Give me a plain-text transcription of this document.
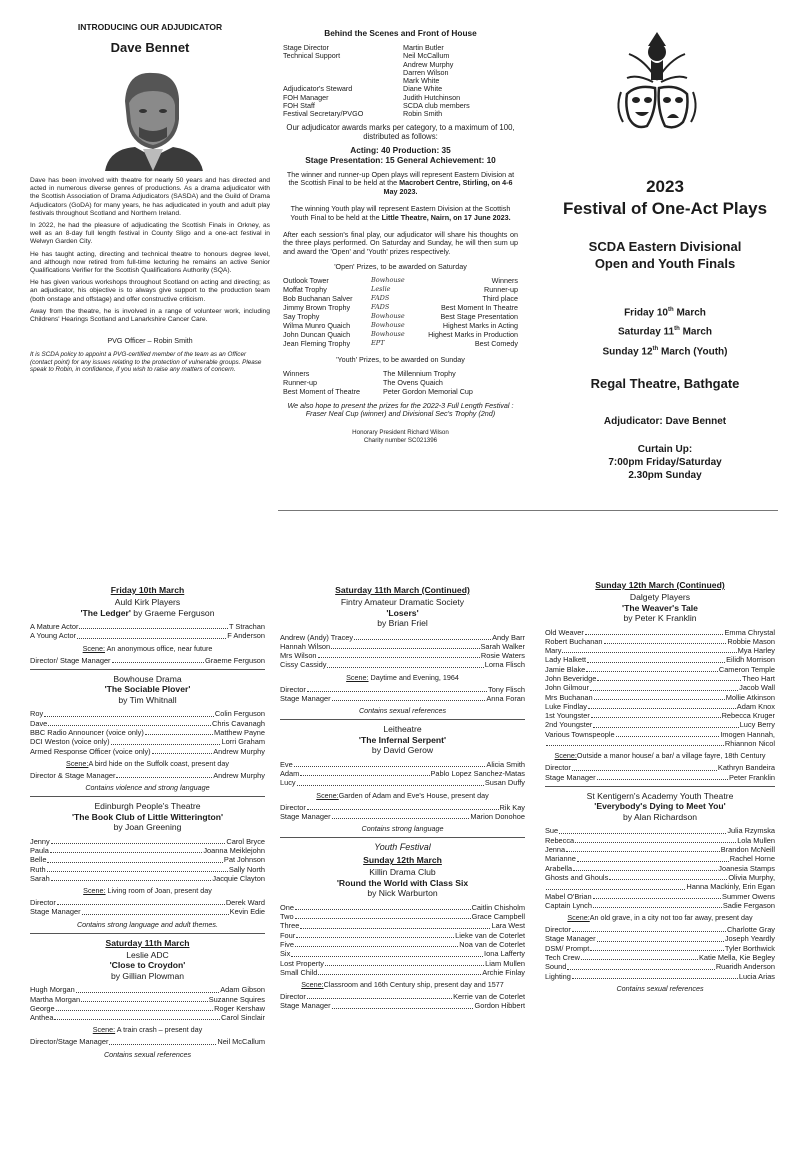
INTRODUCING OUR ADJUDICATOR
Dave Bennet

Dave has been involved with theatre for nearly 50 years and has directed and acted in numerous diverse genres of productions. As a drama adjudicator with the Scottish Association of Drama Adjudicators (SASDA) and the Guild of Drama Adjudicators (GoDA) for many years, he has adjudicated in youth and adult play festivals throughout Scotland and Northern Ireland.

In 2022, he had the pleasure of adjudicating the Scottish Finals in Orkney, as well as an 8-day full length festival in County Sligo and a one-act festival in Welwyn Garden City.

He has taught acting, directing and technical theatre to honours degree level, and although now retired from full-time lecturing he remains an active Senior Qualifications Verifier for the Scottish Qualifications Authority (SQA).

He has given various workshops throughout Scotland on acting and directing; as an adjudicator, his objective is to always give support to the production team (both onstage and offstage) and offer constructive criticism.

Away from the theatre, he is involved in a range of volunteer work, including Childrens' Hearings Scotland and Lanarkshire Cancer Care.

PVG Officer – Robin Smith
It is SCDA policy to appoint a PVG-certified member of the team as an Officer (contact point) for any issues relating to the protection of vulnerable groups. Please speak to Robin, in confidence, if you wish to raise any matters of concern.
Behind the Scenes and Front of House
Stage Director	Martin Butler
Technical Support	Neil McCallum
Andrew Murphy
Darren Wilson
Mark White
Adjudicator's Steward	Diane White
FOH Manager	Judith Hutchinson
FOH Staff	SCDA club members
Festival Secretary/PVGO	Robin Smith
Our adjudicator awards marks per category, to a maximum of 100, distributed as follows:
Acting: 40 Production: 35
Stage Presentation: 15 General Achievement: 10
The winner and runner-up Open plays will represent Eastern Division at the Scottish Final to be held at the Macrobert Centre, Stirling, on 4-6 May 2023.
The winning Youth play will represent Eastern Division at the Scottish Youth Final to be held at the Little Theatre, Nairn, on 17 June 2023.
After each session's final play, our adjudicator will share his thoughts on the three plays performed. On Saturday and Sunday, he will then sum up and award the 'Open' and 'Youth' prizes respectively.
'Open' Prizes, to be awarded on Saturday
Outlook Tower	Bowhouse	Winners
Moffat Trophy	Leslie	Runner-up
Bob Buchanan Salver	FADS	Third place
Jimmy Brown Trophy	FADS	Best Moment In Theatre
Say Trophy	Bowhouse	Best Stage Presentation
Wilma Munro Quaich	Bowhouse	Highest Marks in Acting
John Duncan Quaich	Bowhouse	Highest Marks in Production
Jean Fleming Trophy	EPT	Best Comedy
'Youth' Prizes, to be awarded on Sunday
Winners	The Millennium Trophy
Runner-up	The Ovens Quaich
Best Moment of Theatre	Peter Gordon Memorial Cup
We also hope to present the prizes for the 2022-3 Full Length Festival : Fraser Neal Cup (winner) and Divisional Sec's Trophy (2nd)
Honorary President Richard Wilson
Charity number SC021396
2023
Festival of One-Act Plays
SCDA Eastern Divisional
Open and Youth Finals
Friday 10th March
Saturday 11th March
Sunday 12th March (Youth)
Regal Theatre, Bathgate
Adjudicator: Dave Bennet
Curtain Up:
7:00pm Friday/Saturday
2.30pm Sunday
Friday 10th March
Auld Kirk Players
'The Ledger' by Graeme Ferguson
A Mature Actor	T Strachan
A Young Actor	F Anderson
Scene: An anonymous office, near future
Director/ Stage Manager	Graeme Ferguson
Bowhouse Drama
'The Sociable Plover'
by Tim Whitnall
Roy	Colin Ferguson
Dave	Chris Cavanagh
BBC Radio Announcer (voice only)	Matthew Payne
DCI Weston (voice only)	Lorri Graham
Armed Response Officer (voice only)	Andrew Murphy
Scene:A bird hide on the Suffolk coast, present day
Director & Stage Manager	Andrew Murphy
Contains violence and strong language
Edinburgh People's Theatre
'The Book Club of Little Witterington'
by Joan Greening
Jenny	Carol Bryce
Paula	Joanna Meiklejohn
Belle	Pat Johnson
Ruth	Sally North
Sarah	Jacquie Clayton
Scene: Living room of Joan, present day
Director	Derek Ward
Stage Manager	Kevin Edie
Contains strong language and adult themes.
Saturday 11th March
Leslie ADC
'Close to Croydon'
by Gillian Plowman
Hugh Morgan	Adam Gibson
Martha Morgan	Suzanne Squires
George	Roger Kershaw
Anthea	Carol Sinclair
Scene: A train crash – present day
Director/Stage Manager	Neil McCallum
Contains sexual references
Saturday 11th March (Continued)
Fintry Amateur Dramatic Society
'Losers'
by Brian Friel
Andrew (Andy) Tracey	Andy Barr
Hannah Wilson	Sarah Walker
Mrs Wilson	Rosie Waters
Cissy Cassidy	Lorna Flisch
Scene: Daytime and Evening, 1964
Director	Tony Flisch
Stage Manager	Anna Foran
Contains sexual references
Leitheatre
'The Infernal Serpent'
by David Gerow
Eve	Alicia Smith
Adam	Pablo Lopez Sanchez-Matas
Lucy	Susan Duffy
Scene:Garden of Adam and Eve's House, present day
Director	Rik Kay
Stage Manager	Marion Donohoe
Contains strong language
Youth Festival
Sunday 12th March
Killin Drama Club
'Round the World with Class Six
by Nick Warburton
One	Caitlin Chisholm
Two	Grace Campbell
Three	Lara West
Four	Lieke van de Coterlet
Five	Noa van de Coterlet
Six	Iona Lafferty
Lost Property	Liam Mullen
Small Child	Archie Finlay
Scene:Classroom and 16th Century ship, present day and 1577
Director	Kerrie van de Coterlet
Stage Manager	Gordon Hibbert
Sunday 12th March (Continued)
Dalgety Players
'The Weaver's Tale
by Peter K Franklin
Old Weaver	Emma Chrystal
Robert Buchanan	Robbie Mason
Mary	Mya Harley
Lady Halkett	Eilidh Morrison
Jamie Blake	Cameron Temple
John Beveridge	Theo Hart
John Gilmour	Jacob Wall
Mrs Buchanan	Mollie Atkinson
Luke Findlay	Adam Knox
1st Youngster	Rebecca Kruger
2nd Youngster	Lucy Berry
Various Townspeople	Imogen Hannah,
Rhiannon Nicol
Scene:Outside a manor house/ a bar/ a village fayre, 18th Century
Director	Kathryn Bandeira
Stage Manager	Peter Franklin
St Kentigern's Academy Youth Theatre
'Everybody's Dying to Meet You'
by Alan Richardson
Sue	Julia Rzymska
Rebecca	Lola Mullen
Jenna	Brandon McNeill
Marianne	Rachel Horne
Arabella	Joanesia Stamps
Ghosts and Ghouls	Olivia Murphy,
Hanna Mackinly, Erin Egan
Mabel O'Brian	Summer Owens
Captain Lynch	Sadie Fergason
Scene:An old grave, in a city not too far away, present day
Director	Charlotte Gray
Stage Manager	Joseph Yeardly
DSM/ Prompt	Tyler Borthwick
Tech Crew	Katie Mella, Kie Begley
Sound	Ruaridh Anderson
Lighting	Lucia Arias
Contains sexual references
